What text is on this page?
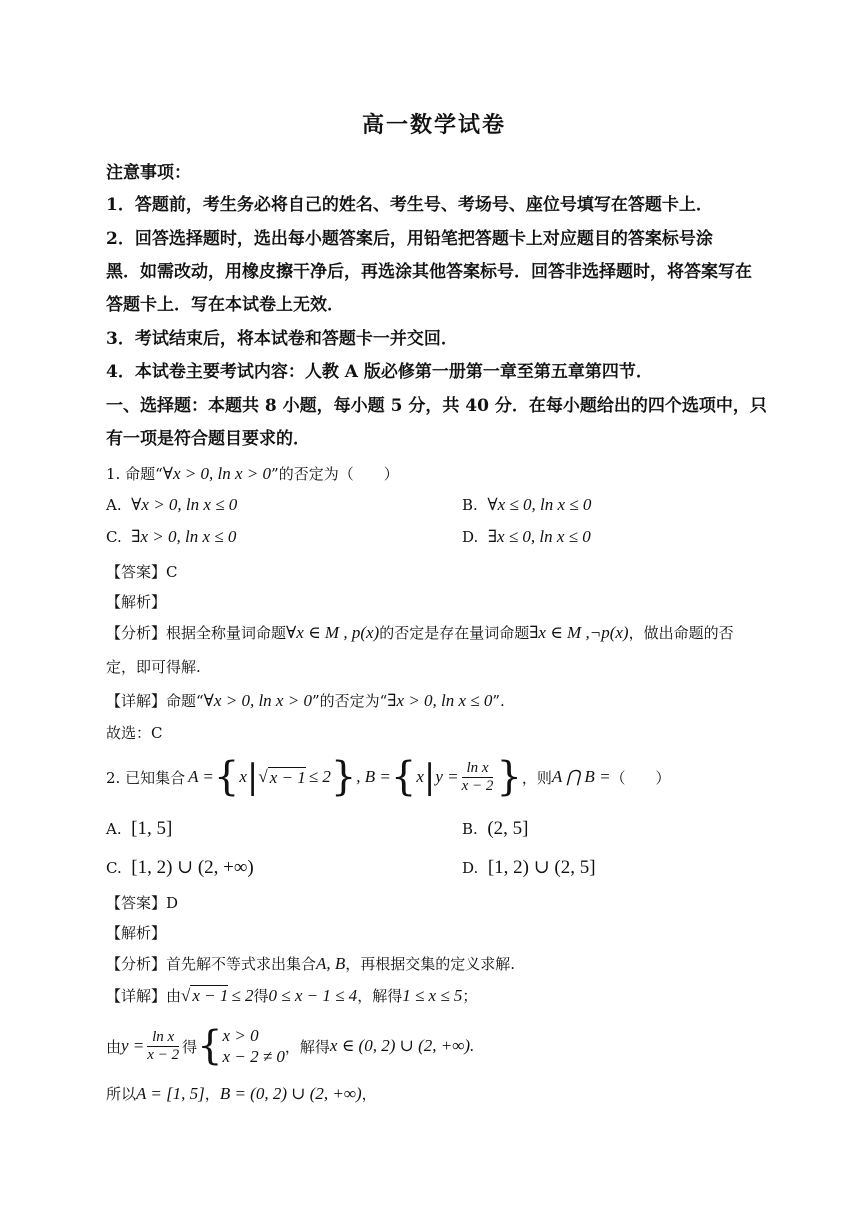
高一数学试卷
注意事项：
1．答题前，考生务必将自己的姓名、考生号、考场号、座位号填写在答题卡上．
2．回答选择题时，选出每小题答案后，用铅笔把答题卡上对应题目的答案标号涂
黑．如需改动，用橡皮擦干净后，再选涂其他答案标号．回答非选择题时，将答案写在
答题卡上．写在本试卷上无效．
3．考试结束后，将本试卷和答题卡一并交回．
4．本试卷主要考试内容：人教 A 版必修第一册第一章至第五章第四节．
一、选择题：本题共 8 小题，每小题 5 分，共 40 分．在每小题给出的四个选项中，只
有一项是符合题目要求的．
1. 命题“∀x > 0, ln x > 0”的否定为（　　）
A. ∀x > 0, ln x ≤ 0	B. ∀x ≤ 0, ln x ≤ 0
C. ∃x > 0, ln x ≤ 0	D. ∃x ≤ 0, ln x ≤ 0
【答案】C
【解析】
【分析】根据全称量词命题∀x ∈ M , p(x)的否定是存在量词命题∃x ∈ M ,¬p(x)，做出命题的否
定，即可得解.
【详解】命题“∀x > 0, ln x > 0”的否定为“∃x > 0, ln x ≤ 0”.
故选：C
2. 已知集合 A = { x | √ x − 1 ≤ 2 } , B = { x | $y = \frac{\text{ln x}}{x - 2}$ } ，则 A ⋂ B = （　　）
A. [1, 5]	B. (2, 5]
C. [1, 2) ∪ (2, +∞)	D. [1, 2) ∪ (2, 5]
【答案】D
【解析】
【分析】首先解不等式求出集合A, B，再根据交集的定义求解.
【详解】由√ x − 1 ≤ 2得0 ≤ x − 1 ≤ 4，解得1 ≤ x ≤ 5；
由 $y = \frac{\text{ln x}}{x - 2}$ 得 { x > 0
x − 2 ≠ 0
，解得 x ∈ (0, 2) ∪ (2, +∞).
所以A = [1, 5]，B = (0, 2) ∪ (2, +∞)，
